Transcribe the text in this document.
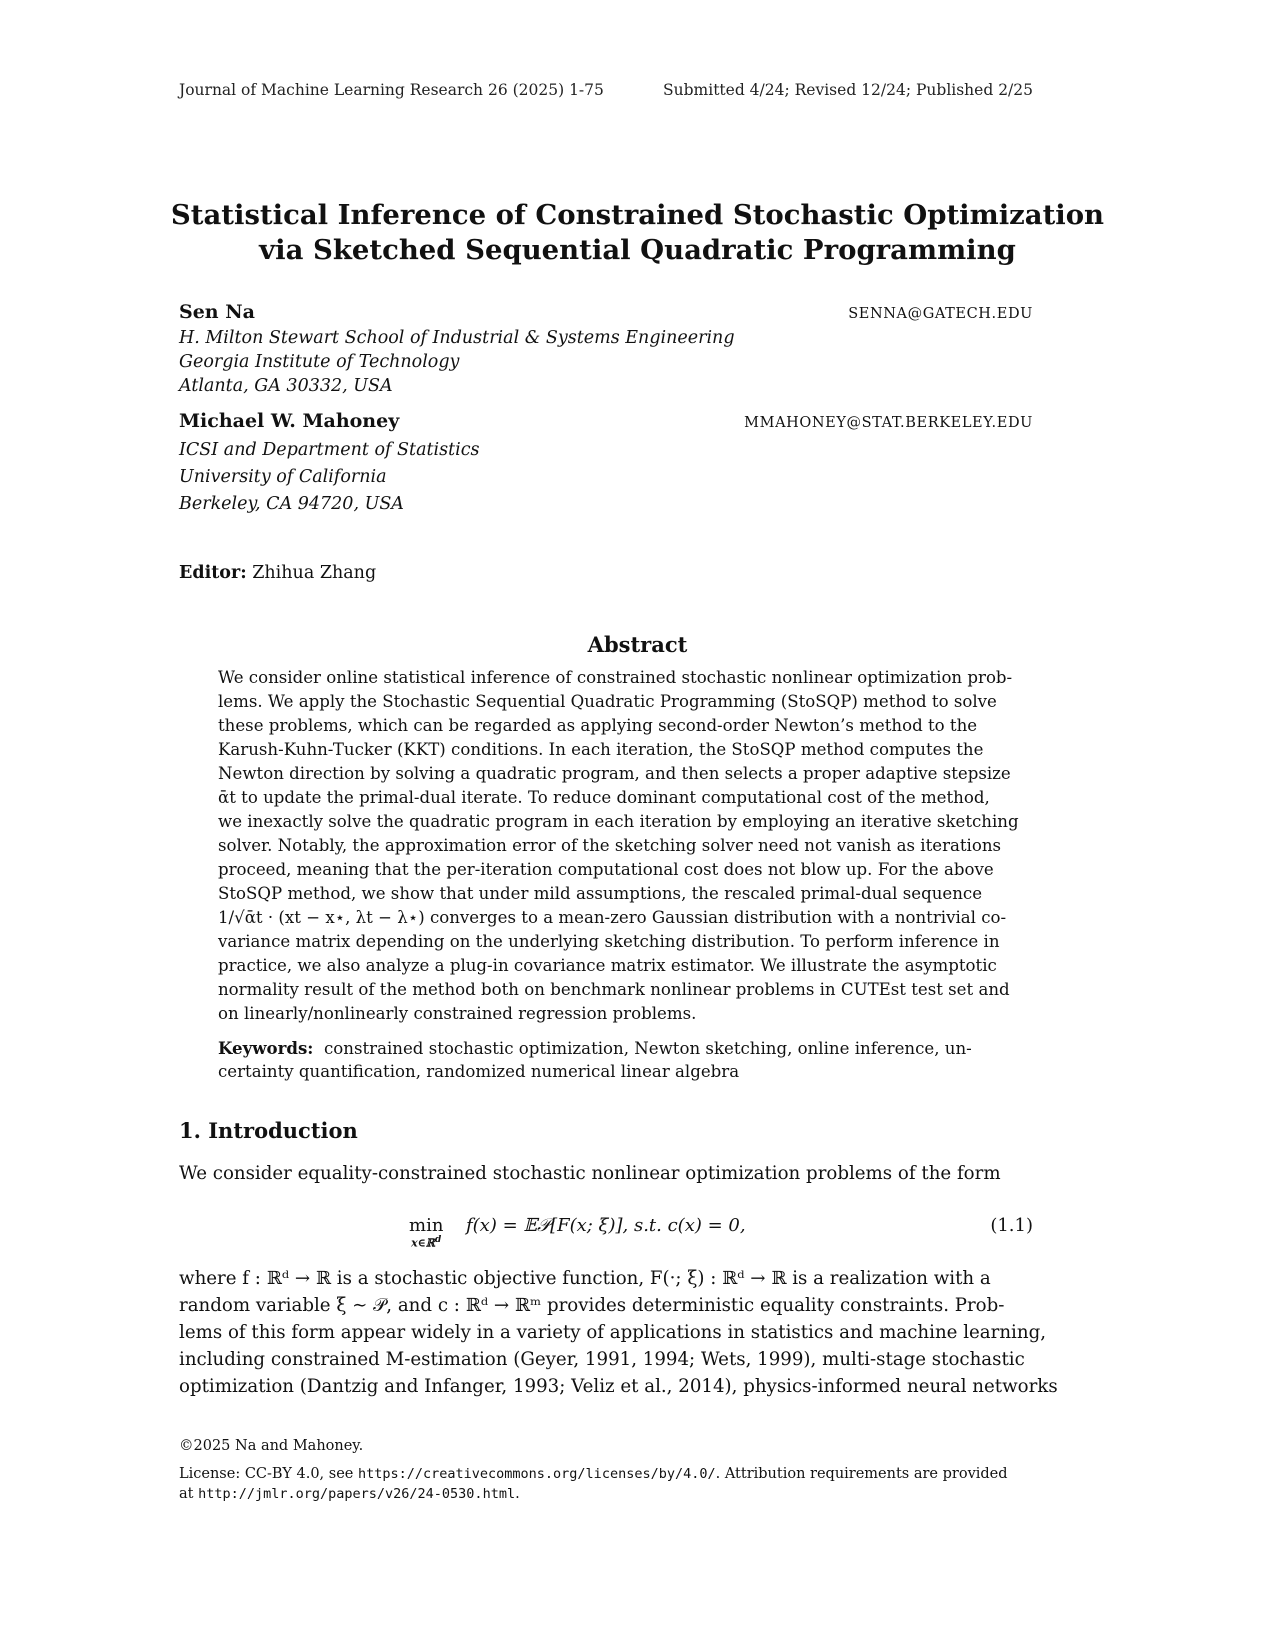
Journal of Machine Learning Research 26 (2025) 1-75	Submitted 4/24; Revised 12/24; Published 2/25
Statistical Inference of Constrained Stochastic Optimization
via Sketched Sequential Quadratic Programming
Sen Na	SENNA@GATECH.EDU
H. Milton Stewart School of Industrial & Systems Engineering
Georgia Institute of Technology
Atlanta, GA 30332, USA
Michael W. Mahoney	MMAHONEY@STAT.BERKELEY.EDU
ICSI and Department of Statistics
University of California
Berkeley, CA 94720, USA
Editor: Zhihua Zhang
Abstract
We consider online statistical inference of constrained stochastic nonlinear optimization prob-
lems. We apply the Stochastic Sequential Quadratic Programming (StoSQP) method to solve
these problems, which can be regarded as applying second-order Newton’s method to the
Karush-Kuhn-Tucker (KKT) conditions. In each iteration, the StoSQP method computes the
Newton direction by solving a quadratic program, and then selects a proper adaptive stepsize
ᾱt to update the primal-dual iterate. To reduce dominant computational cost of the method,
we inexactly solve the quadratic program in each iteration by employing an iterative sketching
solver. Notably, the approximation error of the sketching solver need not vanish as iterations
proceed, meaning that the per-iteration computational cost does not blow up. For the above
StoSQP method, we show that under mild assumptions, the rescaled primal-dual sequence
1/√ᾱt · (xt − x⋆, λt − λ⋆) converges to a mean-zero Gaussian distribution with a nontrivial co-
variance matrix depending on the underlying sketching distribution. To perform inference in
practice, we also analyze a plug-in covariance matrix estimator. We illustrate the asymptotic
normality result of the method both on benchmark nonlinear problems in CUTEst test set and
on linearly/nonlinearly constrained regression problems.
Keywords: constrained stochastic optimization, Newton sketching, online inference, un-
certainty quantification, randomized numerical linear algebra
1. Introduction
We consider equality-constrained stochastic nonlinear optimization problems of the form
min
x∈ℝ$^d$
f(x) = 𝔼𝒫[F(x; ξ)], s.t. c(x) = 0,	(1.1)
where f : ℝᵈ → ℝ is a stochastic objective function, F(·; ξ) : ℝᵈ → ℝ is a realization with a
random variable ξ ∼ 𝒫, and c : ℝᵈ → ℝᵐ provides deterministic equality constraints. Prob-
lems of this form appear widely in a variety of applications in statistics and machine learning,
including constrained M-estimation (Geyer, 1991, 1994; Wets, 1999), multi-stage stochastic
optimization (Dantzig and Infanger, 1993; Veliz et al., 2014), physics-informed neural networks
©2025 Na and Mahoney.
License: CC-BY 4.0, see https://creativecommons.org/licenses/by/4.0/. Attribution requirements are provided
at http://jmlr.org/papers/v26/24-0530.html.
